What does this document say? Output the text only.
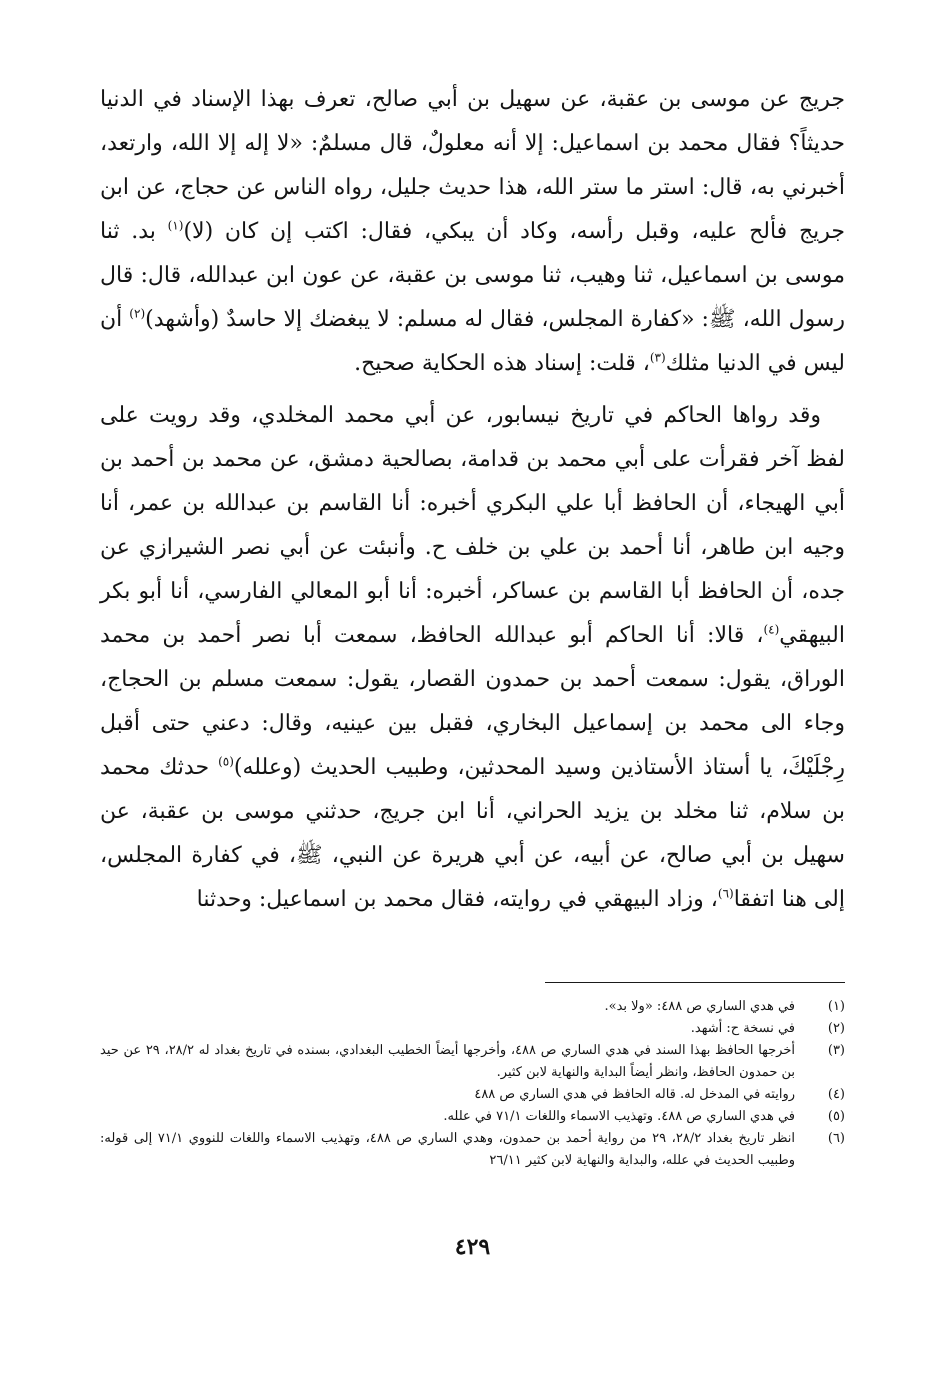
جريج عن موسى بن عقبة، عن سهيل بن أبي صالح، تعرف بهذا الإسناد في الدنيا حديثاً؟ فقال محمد بن اسماعيل: إلا أنه معلولٌ، قال مسلمٌ: «لا إله إلا الله، وارتعد، أخبرني به، قال: استر ما ستر الله، هذا حديث جليل، رواه الناس عن حجاج، عن ابن جريج فألح عليه، وقبل رأسه، وكاد أن يبكي، فقال: اكتب إن كان (لا)$^{(١)}$ بد. ثنا موسى بن اسماعيل، ثنا وهيب، ثنا موسى بن عقبة، عن عون ابن عبدالله، قال: قال رسول الله، ﷺ: «كفارة المجلس، فقال له مسلم: لا يبغضك إلا حاسدٌ (وأشهد)$^{(٢)}$ أن ليس في الدنيا مثلك$^{(٣)}$، قلت: إسناد هذه الحكاية صحيح.

وقد رواها الحاكم في تاريخ نيسابور، عن أبي محمد المخلدي، وقد رويت على لفظ آخر فقرأت على أبي محمد بن قدامة، بصالحية دمشق، عن محمد بن أحمد بن أبي الهيجاء، أن الحافظ أبا علي البكري أخبره: أنا القاسم بن عبدالله بن عمر، أنا وجيه ابن طاهر، أنا أحمد بن علي بن خلف ح. وأنبئت عن أبي نصر الشيرازي عن جده، أن الحافظ أبا القاسم بن عساكر، أخبره: أنا أبو المعالي الفارسي، أنا أبو بكر البيهقي$^{(٤)}$، قالا: أنا الحاكم أبو عبدالله الحافظ، سمعت أبا نصر أحمد بن محمد الوراق، يقول: سمعت أحمد بن حمدون القصار، يقول: سمعت مسلم بن الحجاج، وجاء الى محمد بن إسماعيل البخاري، فقبل بين عينيه، وقال: دعني حتى أقبل رِجْلَيْكَ، يا أستاذ الأستاذين وسيد المحدثين، وطبيب الحديث (وعلله)$^{(٥)}$ حدثك محمد بن سلام، ثنا مخلد بن يزيد الحراني، أنا ابن جريج، حدثني موسى بن عقبة، عن سهيل بن أبي صالح، عن أبيه، عن أبي هريرة عن النبي، ﷺ، في كفارة المجلس، إلى هنا اتفقا$^{(٦)}$، وزاد البيهقي في روايته، فقال محمد بن اسماعيل: وحدثنا

(١)
في هدي الساري ص ٤٨٨: «ولا بد».
(٢)
في نسخة ح: أشهد.
(٣)
أخرجها الحافظ بهذا السند في هدي الساري ص ٤٨٨، وأخرجها أيضاً الخطيب البغدادي، بسنده في تاريخ بغداد له ٢٨/٢، ٢٩ عن حيد بن حمدون الحافظ، وانظر أيضاً البداية والنهاية لابن كثير.
(٤)
روايته في المدخل له. قاله الحافظ في هدي الساري ص ٤٨٨
(٥)
في هدي الساري ص ٤٨٨. وتهذيب الاسماء واللغات ٧١/١ في علله.
(٦)
انظر تاريخ بغداد ٢٨/٢، ٢٩ من رواية أحمد بن حمدون، وهدي الساري ص ٤٨٨، وتهذيب الاسماء واللغات للنووي ٧١/١ إلى قوله: وطبيب الحديث في علله، والبداية والنهاية لابن كثير ٢٦/١١
٤٢٩
